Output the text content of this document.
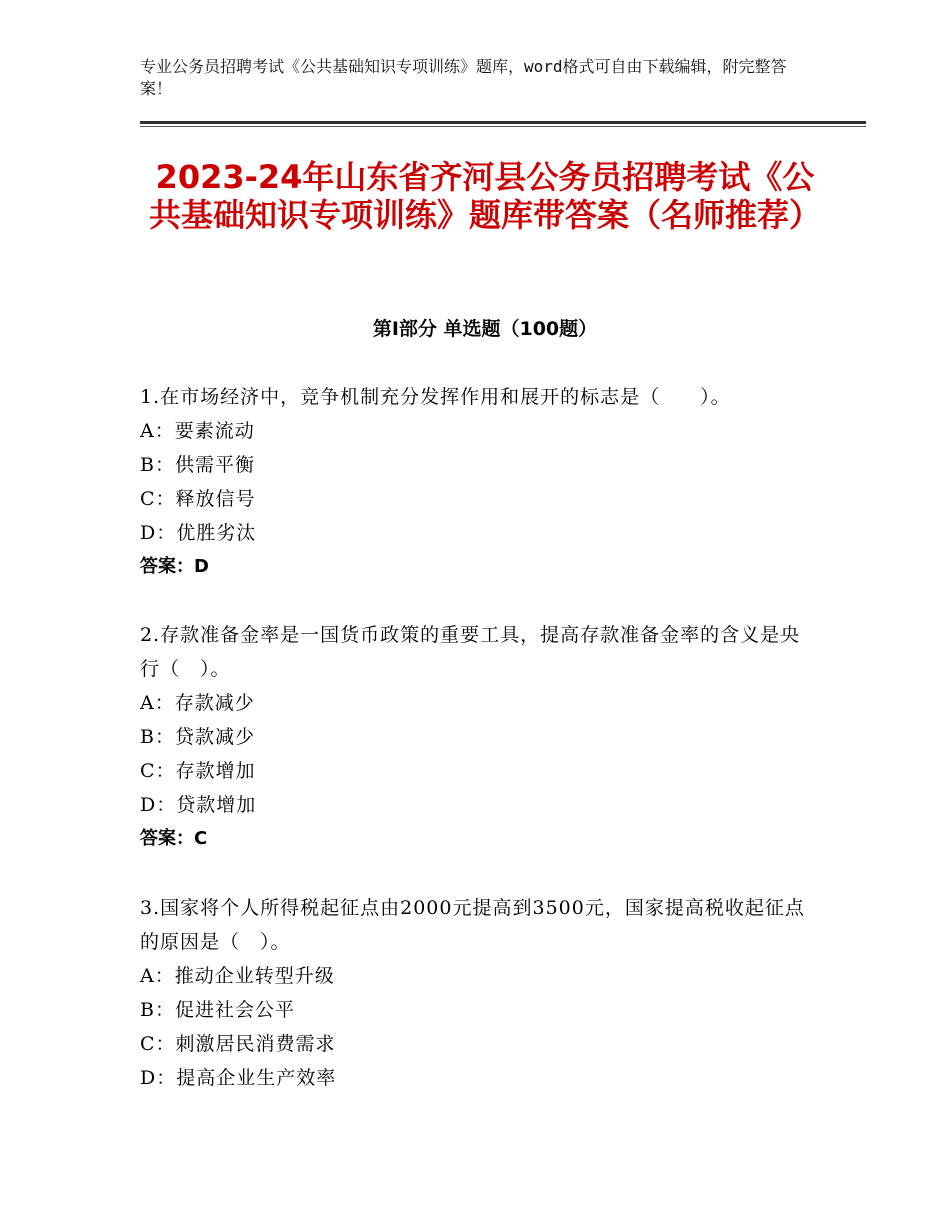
专业公务员招聘考试《公共基础知识专项训练》题库，word格式可自由下载编辑，附完整答案！
2023-24年山东省齐河县公务员招聘考试《公共基础知识专项训练》题库带答案（名师推荐）
第Ⅰ部分 单选题（100题）
1.在市场经济中，竞争机制充分发挥作用和展开的标志是（　　）。
A：要素流动
B：供需平衡
C：释放信号
D：优胜劣汰
答案：D
2.存款准备金率是一国货币政策的重要工具，提高存款准备金率的含义是央行（　）。
A：存款减少
B：贷款减少
C：存款增加
D：贷款增加
答案：C
3.国家将个人所得税起征点由2000元提高到3500元，国家提高税收起征点的原因是（　）。
A：推动企业转型升级
B：促进社会公平
C：刺激居民消费需求
D：提高企业生产效率
